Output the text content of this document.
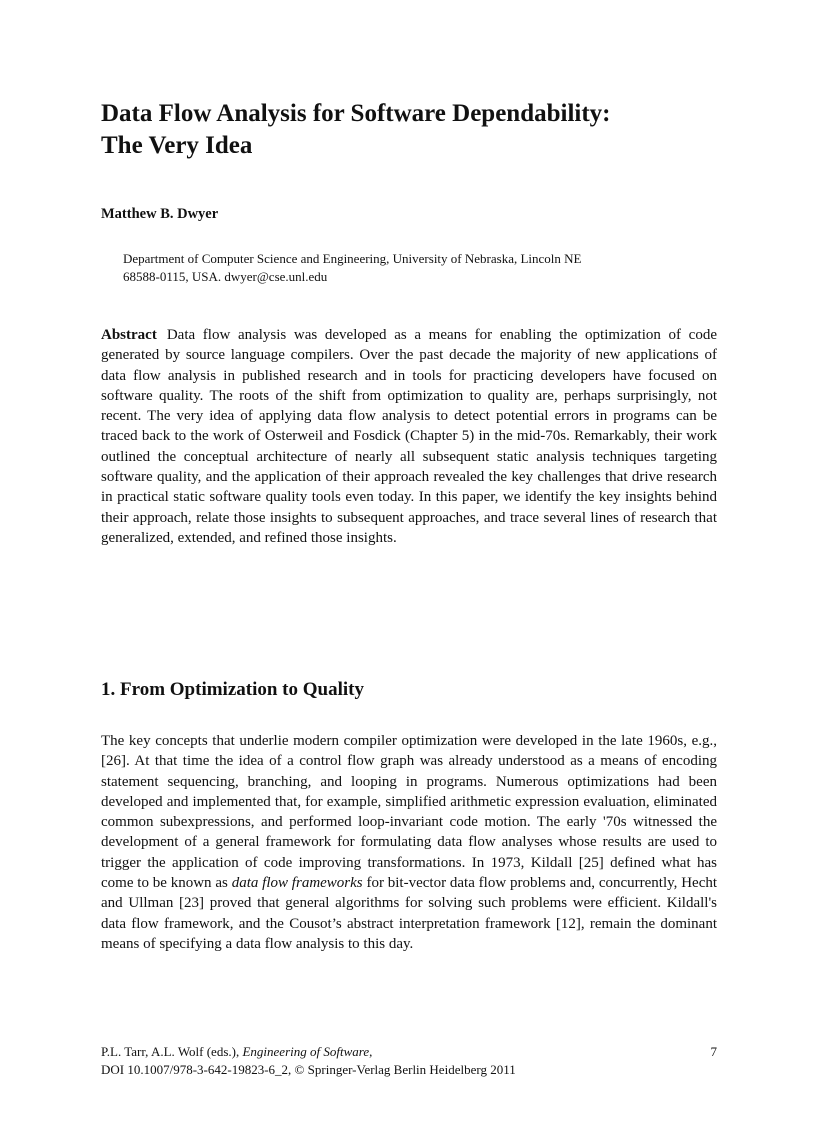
Data Flow Analysis for Software Dependability:
The Very Idea

Matthew B. Dwyer

Department of Computer Science and Engineering, University of Nebraska, Lincoln NE
68588-0115, USA. dwyer@cse.unl.edu

Abstract Data flow analysis was developed as a means for enabling the optimization of code generated by source language compilers. Over the past decade the majority of new applications of data flow analysis in published research and in tools for practicing developers have focused on software quality. The roots of the shift from optimization to quality are, perhaps surprisingly, not recent. The very idea of applying data flow analysis to detect potential errors in programs can be traced back to the work of Osterweil and Fosdick (Chapter 5) in the mid-70s. Remarkably, their work outlined the conceptual architecture of nearly all subsequent static analysis techniques targeting software quality, and the application of their approach revealed the key challenges that drive research in practical static software quality tools even today. In this paper, we identify the key insights behind their approach, relate those insights to subsequent approaches, and trace several lines of research that generalized, extended, and refined those insights.

1. From Optimization to Quality

The key concepts that underlie modern compiler optimization were developed in the late 1960s, e.g., [26]. At that time the idea of a control flow graph was already understood as a means of encoding statement sequencing, branching, and looping in programs. Numerous optimizations had been developed and implemented that, for example, simplified arithmetic expression evaluation, eliminated common subexpressions, and performed loop-invariant code motion. The early '70s witnessed the development of a general framework for formulating data flow analyses whose results are used to trigger the application of code improving transformations. In 1973, Kildall [25] defined what has come to be known as data flow frameworks for bit-vector data flow problems and, concurrently, Hecht and Ullman [23] proved that general algorithms for solving such problems were efficient. Kildall's data flow framework, and the Cousot’s abstract interpretation framework [12], remain the dominant means of specifying a data flow analysis to this day.

P.L. Tarr, A.L. Wolf (eds.), Engineering of Software,
DOI 10.1007/978-3-642-19823-6_2, © Springer-Verlag Berlin Heidelberg 2011
7
